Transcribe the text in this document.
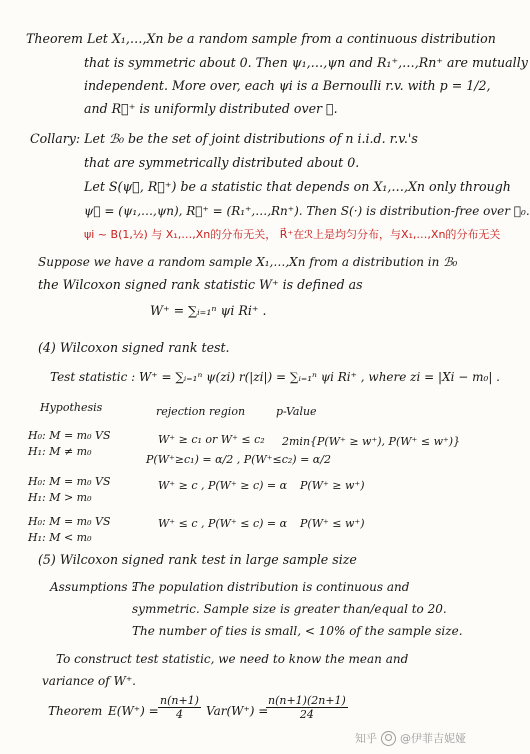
Theorem Let X₁,…,Xn be a random sample from a continuous distribution
that is symmetric about 0. Then ψ₁,…,ψn and R₁⁺,…,Rn⁺ are mutually
independent. More over, each ψi is a Bernoulli r.v. with p = 1/2,
and R⃗⁺ is uniformly distributed over ℛ.
Collary: Let ℬ₀ be the set of joint distributions of n i.i.d. r.v.'s
that are symmetrically distributed about 0.
Let S(ψ⃗, R⃗⁺) be a statistic that depends on X₁,…,Xn only through
ψ⃗ = (ψ₁,…,ψn), R⃗⁺ = (R₁⁺,…,Rn⁺). Then S(·) is distribution-free over ℬ₀.
ψi ~ B(1,½) 与 X₁,…,Xn的分布无关， R⃗⁺在ℛ上是均匀分布，与X₁,…,Xn的分布无关
Suppose we have a random sample X₁,…,Xn from a distribution in ℬ₀
the Wilcoxon signed rank statistic W⁺ is defined as
W⁺ = ∑ᵢ₌₁ⁿ ψi Ri⁺ .
(4) Wilcoxon signed rank test.
Test statistic : W⁺ = ∑ᵢ₌₁ⁿ ψ(zi) r(|zi|) = ∑ᵢ₌₁ⁿ ψi Ri⁺ , where zi = |Xi − m₀| .
Hypothesis	rejection region	p-Value
H₀: M = m₀ VS
H₁: M ≠ m₀
W⁺ ≥ c₁ or W⁺ ≤ c₂
P(W⁺≥c₁) = α/2 , P(W⁺≤c₂) = α/2
2min{P(W⁺ ≥ w⁺), P(W⁺ ≤ w⁺)}
H₀: M = m₀ VS
H₁: M > m₀
W⁺ ≥ c , P(W⁺ ≥ c) = α P(W⁺ ≥ w⁺)
H₀: M = m₀ VS
H₁: M < m₀
W⁺ ≤ c , P(W⁺ ≤ c) = α P(W⁺ ≤ w⁺)
(5) Wilcoxon signed rank test in large sample size
Assumptions :
The population distribution is continuous and
symmetric. Sample size is greater than/equal to 20.
The number of ties is small, < 10% of the sample size.
To construct test statistic, we need to know the mean and
variance of W⁺.
Theorem $E(W^+) = \frac{n(n+1)}{4} Var(W^+)$ =
$\frac{n(n+1)(2n+1)}{24}$
知乎 @伊菲吉妮娅
